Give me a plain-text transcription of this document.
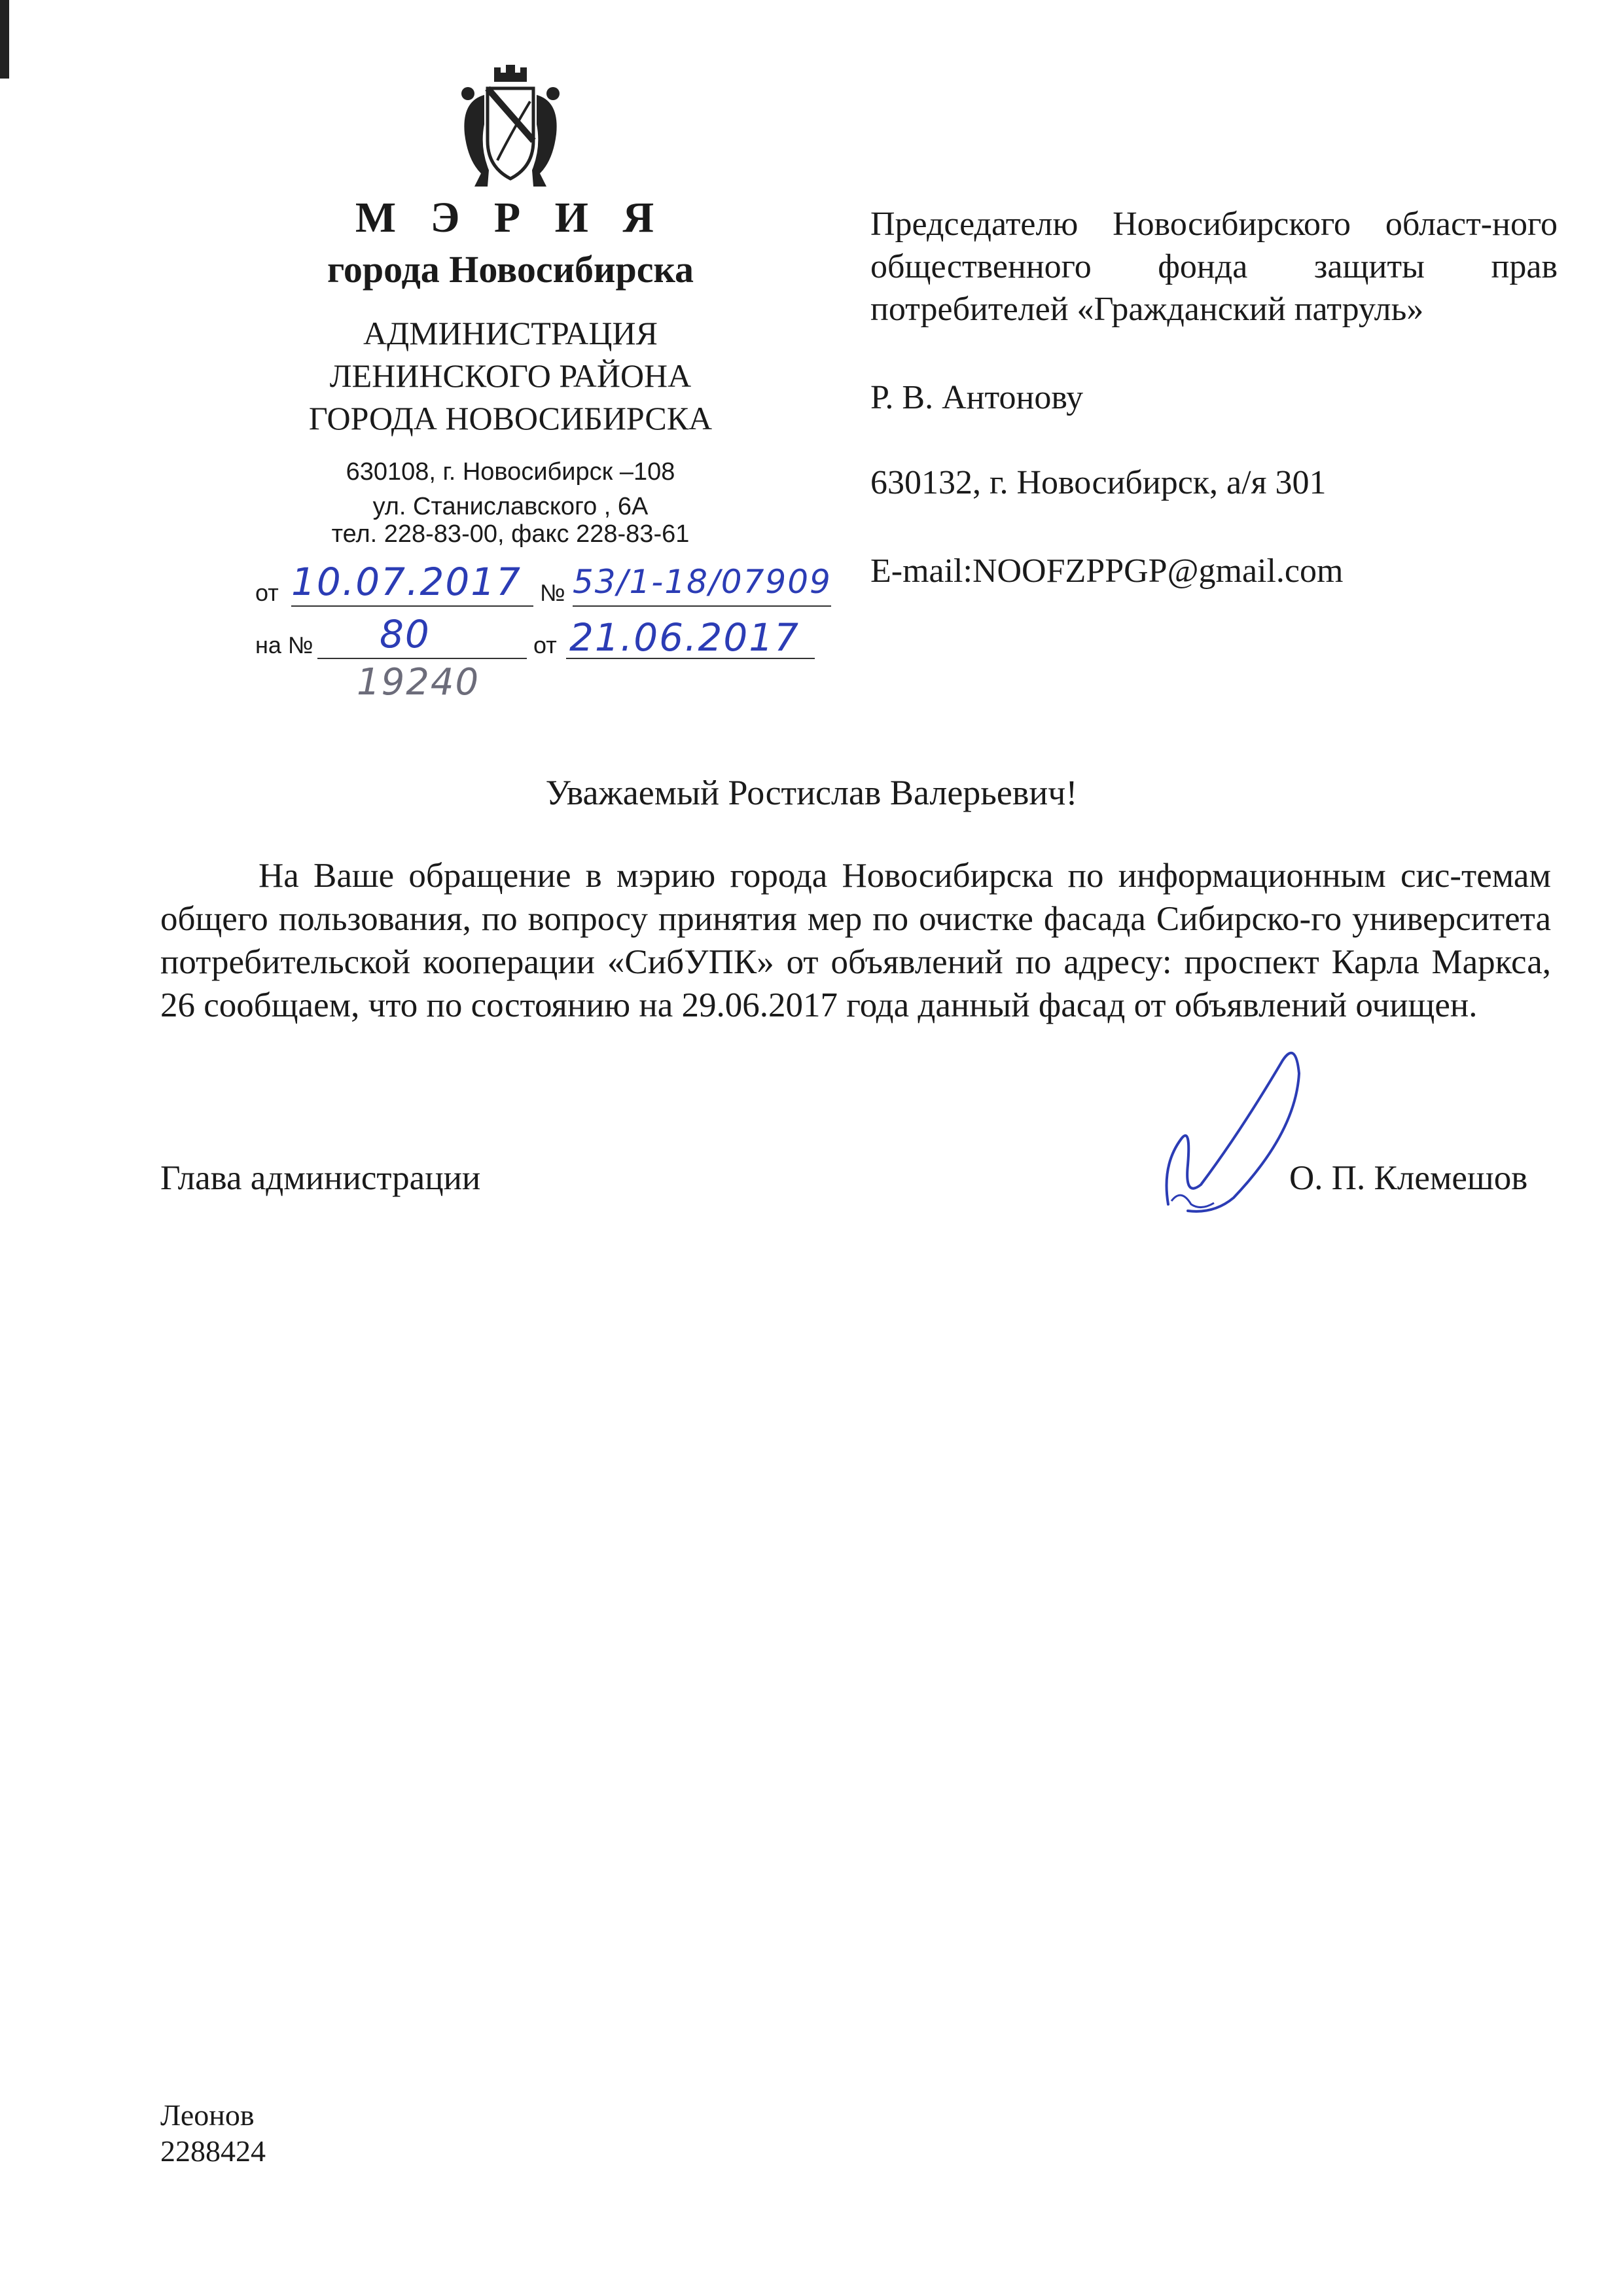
М Э Р И Я
города Новосибирска
АДМИНИСТРАЦИЯ
ЛЕНИНСКОГО РАЙОНА
ГОРОДА НОВОСИБИРСКА
630108, г. Новосибирск –108
ул. Станиславского , 6А
тел. 228-83-00, факс 228-83-61
от 10.07.2017 № 53/1-18/07909
на № 80	от 21.06.2017
19240
Председателю Новосибирского област-ного общественного фонда защиты прав потребителей «Гражданский патруль»
Р. В. Антонову
630132, г. Новосибирск, а/я 301
E-mail:NOOFZPPGP@gmail.com
Уважаемый Ростислав Валерьевич!
На Ваше обращение в мэрию города Новосибирска по информационным сис-темам общего пользования, по вопросу принятия мер по очистке фасада Сибирско-го университета потребительской кооперации «СибУПК» от объявлений по адресу: проспект Карла Маркса, 26 сообщаем, что по состоянию на 29.06.2017 года данный фасад от объявлений очищен.
Глава администрации	О. П. Клемешов
Леонов
2288424
